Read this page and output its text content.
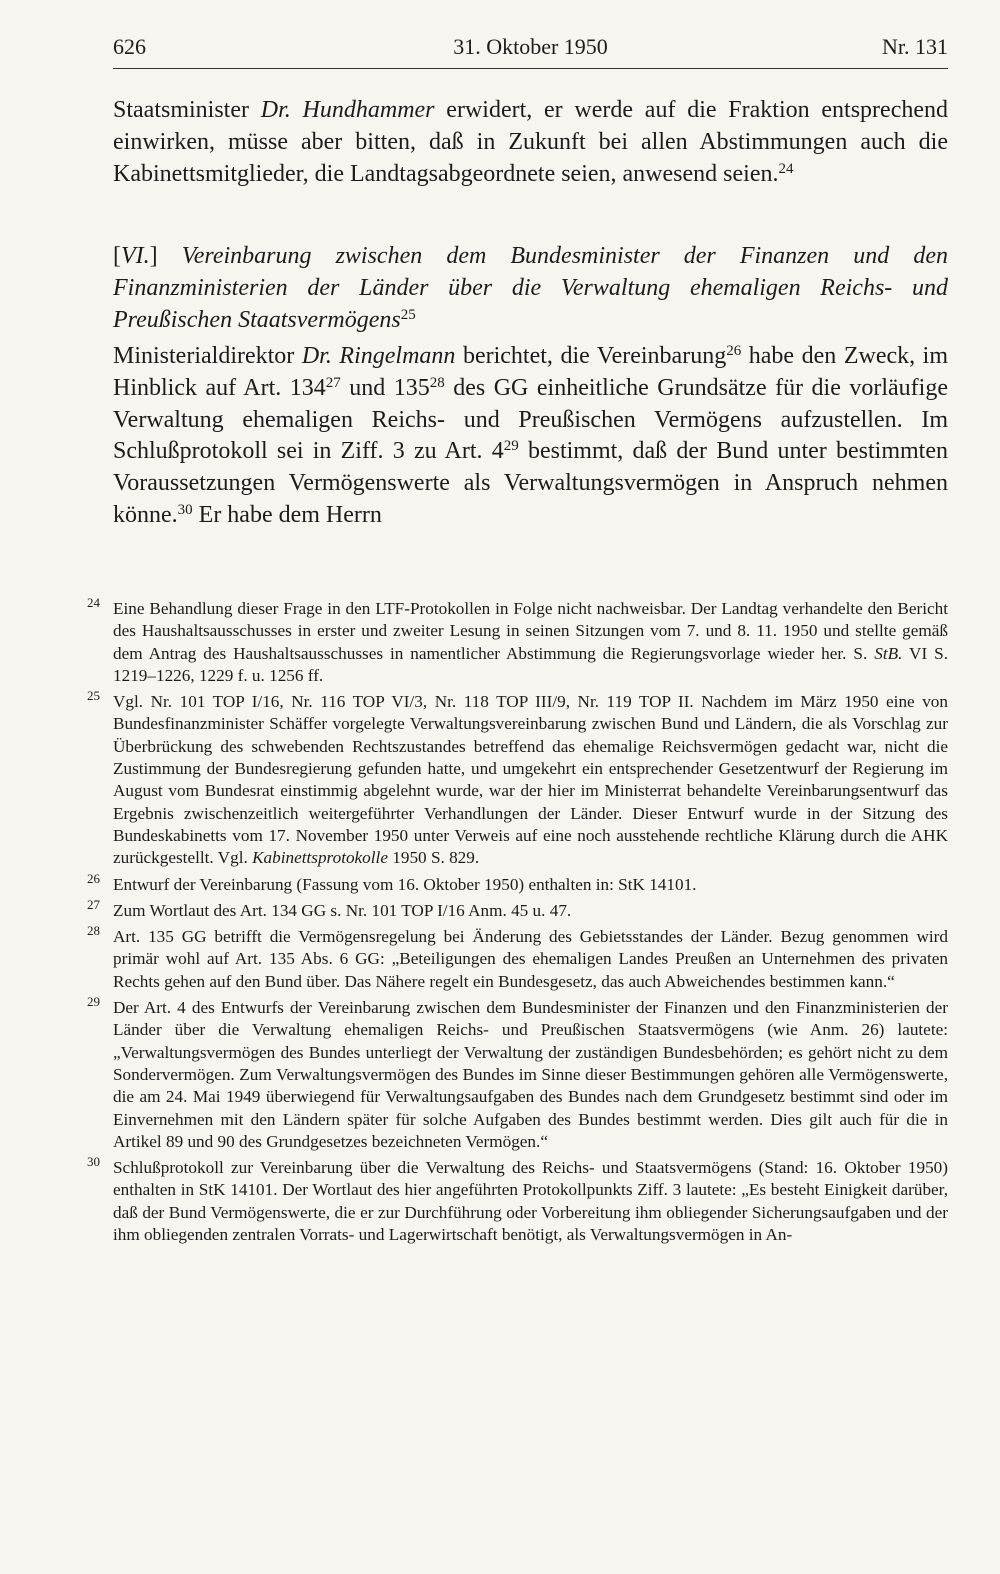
626	31. Oktober 1950	Nr. 131
Staatsminister Dr. Hundhammer erwidert, er werde auf die Fraktion entsprechend einwirken, müsse aber bitten, daß in Zukunft bei allen Abstimmungen auch die Kabinettsmitglieder, die Landtagsabgeordnete seien, anwesend seien.$^{24}$
[VI.] Vereinbarung zwischen dem Bundesminister der Finanzen und den Finanzministerien der Länder über die Verwaltung ehemaligen Reichs- und Preußischen Staatsvermögens$^{25}$
Ministerialdirektor Dr. Ringelmann berichtet, die Vereinbarung$^{26}$ habe den Zweck, im Hinblick auf Art. $134^{27}$ und $135^{28}$ des GG einheitliche Grundsätze für die vorläufige Verwaltung ehemaligen Reichs- und Preußischen Vermögens aufzustellen. Im Schlußprotokoll sei in Ziff. 3 zu Art. $4^{29}$ bestimmt, daß der Bund unter bestimmten Voraussetzungen Vermögenswerte als Verwaltungsvermögen in Anspruch nehmen könne.$^{30}$ Er habe dem Herrn
24 Eine Behandlung dieser Frage in den LTF-Protokollen in Folge nicht nachweisbar. Der Landtag verhandelte den Bericht des Haushaltsausschusses in erster und zweiter Lesung in seinen Sitzungen vom 7. und 8. 11. 1950 und stellte gemäß dem Antrag des Haushaltsausschusses in namentlicher Abstimmung die Regierungsvorlage wieder her. S. StB. VI S. 1219–1226, 1229 f. u. 1256 ff.
25 Vgl. Nr. 101 TOP I/16, Nr. 116 TOP VI/3, Nr. 118 TOP III/9, Nr. 119 TOP II. Nachdem im März 1950 eine von Bundesfinanzminister Schäffer vorgelegte Verwaltungsvereinbarung zwischen Bund und Ländern, die als Vorschlag zur Überbrückung des schwebenden Rechtszustandes betreffend das ehemalige Reichsvermögen gedacht war, nicht die Zustimmung der Bundesregierung gefunden hatte, und umgekehrt ein entsprechender Gesetzentwurf der Regierung im August vom Bundesrat einstimmig abgelehnt wurde, war der hier im Ministerrat behandelte Vereinbarungsentwurf das Ergebnis zwischenzeitlich weitergeführter Verhandlungen der Länder. Dieser Entwurf wurde in der Sitzung des Bundeskabinetts vom 17. November 1950 unter Verweis auf eine noch ausstehende rechtliche Klärung durch die AHK zurückgestellt. Vgl. Kabinettsprotokolle 1950 S. 829.
26 Entwurf der Vereinbarung (Fassung vom 16. Oktober 1950) enthalten in: StK 14101.
27 Zum Wortlaut des Art. 134 GG s. Nr. 101 TOP I/16 Anm. 45 u. 47.
28 Art. 135 GG betrifft die Vermögensregelung bei Änderung des Gebietsstandes der Länder. Bezug genommen wird primär wohl auf Art. 135 Abs. 6 GG: „Beteiligungen des ehemaligen Landes Preußen an Unternehmen des privaten Rechts gehen auf den Bund über. Das Nähere regelt ein Bundesgesetz, das auch Abweichendes bestimmen kann.“
29 Der Art. 4 des Entwurfs der Vereinbarung zwischen dem Bundesminister der Finanzen und den Finanzministerien der Länder über die Verwaltung ehemaligen Reichs- und Preußischen Staatsvermögens (wie Anm. 26) lautete: „Verwaltungsvermögen des Bundes unterliegt der Verwaltung der zuständigen Bundesbehörden; es gehört nicht zu dem Sondervermögen. Zum Verwaltungsvermögen des Bundes im Sinne dieser Bestimmungen gehören alle Vermögenswerte, die am 24. Mai 1949 überwiegend für Verwaltungsaufgaben des Bundes nach dem Grundgesetz bestimmt sind oder im Einvernehmen mit den Ländern später für solche Aufgaben des Bundes bestimmt werden. Dies gilt auch für die in Artikel 89 und 90 des Grundgesetzes bezeichneten Vermögen.“
30 Schlußprotokoll zur Vereinbarung über die Verwaltung des Reichs- und Staatsvermögens (Stand: 16. Oktober 1950) enthalten in StK 14101. Der Wortlaut des hier angeführten Protokollpunkts Ziff. 3 lautete: „Es besteht Einigkeit darüber, daß der Bund Vermögenswerte, die er zur Durchführung oder Vorbereitung ihm obliegender Sicherungsaufgaben und der ihm obliegenden zentralen Vorrats- und Lagerwirtschaft benötigt, als Verwaltungsvermögen in An-
